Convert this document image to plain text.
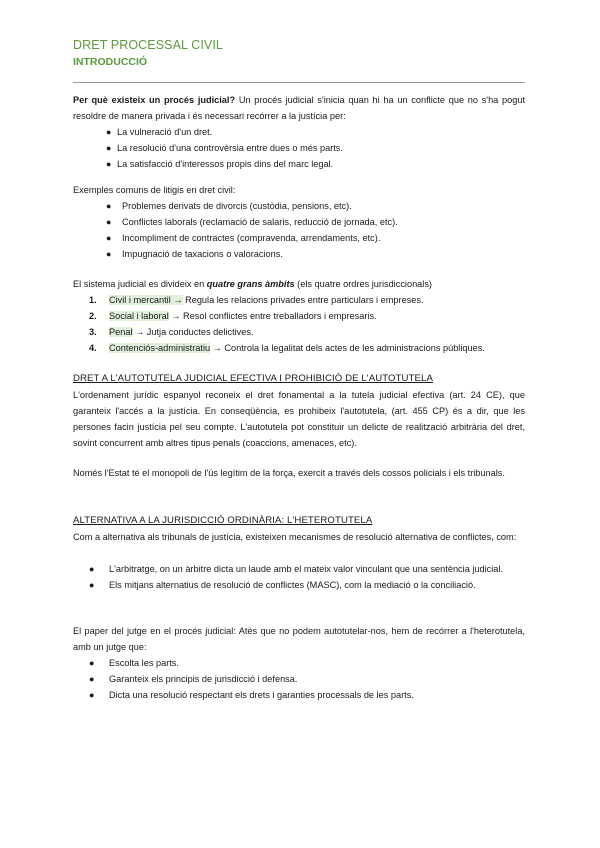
DRET PROCESSAL CIVIL
INTRODUCCIÓ
Per què existeix un procés judicial? Un procés judicial s'inicia quan hi ha un conflicte que no s'ha pogut resoldre de manera privada i és necessari recórrer a la justícia per:
● La vulneració d'un dret.
● La resolució d'una controvèrsia entre dues o més parts.
● La satisfacció d'interessos propis dins del marc legal.
Exemples comuns de litigis en dret civil:
● Problemes derivats de divorcis (custòdia, pensions, etc).
● Conflictes laborals (reclamació de salaris, reducció de jornada, etc).
● Incompliment de contractes (compravenda, arrendaments, etc).
● Impugnació de taxacions o valoracions.
El sistema judicial es divideix en quatre grans àmbits (els quatre ordres jurisdiccionals)
1. Civil i mercantil → Regula les relacions privades entre particulars i empreses.
2. Social i laboral → Resol conflictes entre treballadors i empresaris.
3. Penal → Jutja conductes delictives.
4. Contenciós-administratiu → Controla la legalitat dels actes de les administracions públiques.
DRET A L'AUTOTUTELA JUDICIAL EFECTIVA I PROHIBICIÓ DE L'AUTOTUTELA
L'ordenament jurídic espanyol reconeix el dret fonamental a la tutela judicial efectiva (art. 24 CE), que garanteix l'accés a la justícia. En conseqüència, es prohibeix l'autotutela, (art. 455 CP) és a dir, que les persones facin justícia pel seu compte. L'autotutela pot constituir un delicte de realització arbitrària del dret, sovint concurrent amb altres tipus penals (coaccions, amenaces, etc).
Només l'Estat té el monopoli de l'ús legítim de la força, exercit a través dels cossos policials i els tribunals.
ALTERNATIVA A LA JURISDICCIÓ ORDINÀRIA: L'HETEROTUTELA
Com a alternativa als tribunals de justícia, existeixen mecanismes de resolució alternativa de conflictes, com:
● L'arbitratge, on un àrbitre dicta un laude amb el mateix valor vinculant que una sentència judicial.
● Els mitjans alternatius de resolució de conflictes (MASC), com la mediació o la conciliació.
El paper del jutge en el procés judicial: Atès que no podem autotutelar-nos, hem de recórrer a l'heterotutela, amb un jutge que:
● Escolta les parts.
● Garanteix els principis de jurisdicció i defensa.
● Dicta una resolució respectant els drets i garanties processals de les parts.
